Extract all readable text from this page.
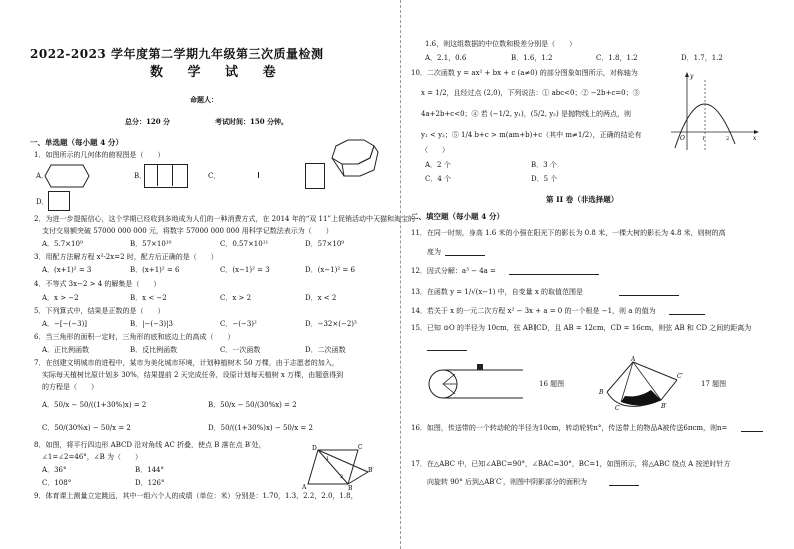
2022-2023 学年度第二学期九年级第三次质量检测
数 学 试 卷
命题人：
总分：120 分	考试时间：150 分钟。
一、单选题（每小题 4 分）
1．如图所示的几何体的俯视图是（　　）
A．	B．	C．
D．
2．为进一步提振信心，这个学期已经收到多地成为人们的一种消费方式，在 2014 年的“双 11”上促销活动中天猫和淘宝的
支付交易额突破 57000 000 000 元，将数字 57000 000 000 用科学记数法表示为（　　）
A．5.7×10⁹	B．57×10¹⁰	C．0.57×10¹¹	D．57×10⁹
3．用配方法解方程 x²-2x=2 时，配方后正确的是（　　）
A．(x+1)² = 3	B．(x+1)² = 6	C．(x−1)² = 3	D．(x−1)² = 6
4．不等式 3x−2 > 4 的解集是（　　）
A．x > −2	B．x < −2	C．x > 2	D．x < 2
5．下列算式中，结果是正数的是（　　）
A．−[−(−3)]	B．|−(−3)|3	C．−(−3)²	D．−32×(−2)³
6．当三角形的面积一定时，三角形的底和底边上的高成（　　）
A．正比例函数	B．反比例函数	C．一次函数	D．二次函数
7．在创建文明城市的进程中，某市为美化城市环境，计划种植树木 50 万棵，由于志愿者的加入，
实际每天植树比原计划多 30%，结果提前 2 天完成任务，设原计划每天植树 x 万棵，由题意得到
的方程是（　　）
A．50/x − 50/((1+30%)x) = 2	B．50/x − 50/(30%x) = 2
C．50/(30%x) − 50/x = 2	D．50/((1+30%)x) − 50/x = 2
8．如图，将平行四边形 ABCD 沿对角线 AC 折叠，使点 B 落在点 B′处，
∠1=∠2=46°，∠B 为（　　）
A．36°	B．144°
C．108°	D．126°
D
A	B
C
B′
1
2
9．体育课上测量立定跳远，其中一组六个人的成绩（单位：米）分别是：1.70，1.3，2.2，2.0，1.8，
1.6，则这组数据的中位数和极差分别是（　　）
A．2.1，0.6	B．1.6，1.2	C．1.8，1.2	D．1.7，1.2
10．二次函数 y = ax² + bx + c (a≠0) 的部分图象如图所示，对称轴为
x = 1/2，且经过点 (2,0)，下列说法：① abc<0；② −2b+c=0；③
4a+2b+c<0；④ 若 (−1/2, y₁)，(5/2, y₂) 是抛物线上的两点，则
y₁ < y₂；⑤ 1/4 b+c > m(am+b)+c（其中 m≠1/2），正确的结论有
（　　）
A．2 个	B．3 个
C．4 个	D．5 个
y
x
O	1	2
第 II 卷（非选择题）
二、填空题（每小题 4 分）
11．在同一时刻，身高 1.6 米的小强在阳光下的影长为 0.8 米，一棵大树的影长为 4.8 米，则树的高
度为
12．因式分解：a³ − 4a =
13．在函数 y = 1/√(x−1) 中，自变量 x 的取值范围是
14．若关于 x 的一元二次方程 x² − 3x + a = 0 的一个根是 −1，则 a 的值为
15．已知 ⊙O 的半径为 10cm，弦 AB∥CD，且 AB = 12cm，CD = 16cm，则弦 AB 和 CD 之间的距离为
16 题图
A
B
C
C′
B′
17 题图
16．如图，传送带的一个转动轮的半径为10cm，转动轮转n°，传送带上的物品A被传送6πcm，则n=
17．在△ABC 中，已知∠ABC=90°，∠BAC=30°，BC=1，如图所示，将△ABC 绕点 A 按逆时针方
向旋转 90° 后到△AB′C′，则图中阴影部分的面积为
